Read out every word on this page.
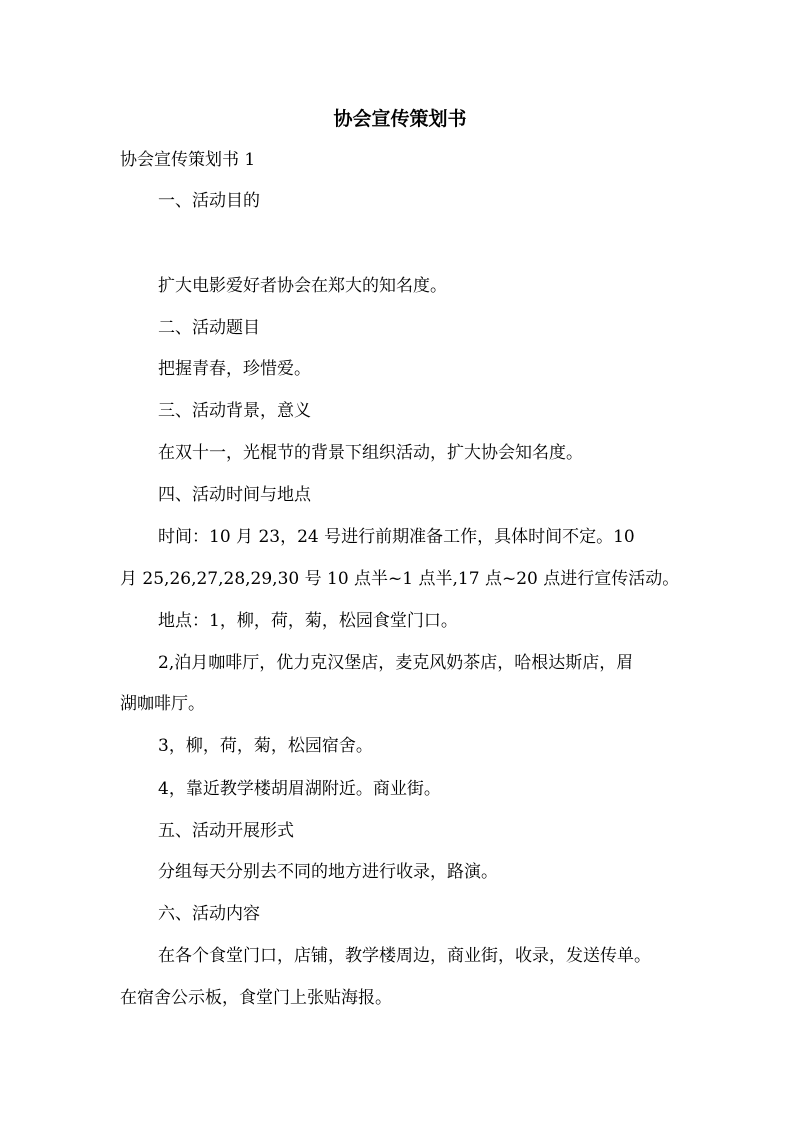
协会宣传策划书
协会宣传策划书 1
一、活动目的
扩大电影爱好者协会在郑大的知名度。
二、活动题目
把握青春，珍惜爱。
三、活动背景，意义
在双十一，光棍节的背景下组织活动，扩大协会知名度。
四、活动时间与地点
时间：10 月 23，24 号进行前期准备工作，具体时间不定。10
月 25,26,27,28,29,30 号 10 点半~1 点半,17 点~20 点进行宣传活动。
地点：1，柳，荷，菊，松园食堂门口。
2,泊月咖啡厅，优力克汉堡店，麦克风奶茶店，哈根达斯店，眉
湖咖啡厅。
3，柳，荷，菊，松园宿舍。
4，靠近教学楼胡眉湖附近。商业街。
五、活动开展形式
分组每天分别去不同的地方进行收录，路演。
六、活动内容
在各个食堂门口，店铺，教学楼周边，商业街，收录，发送传单。
在宿舍公示板，食堂门上张贴海报。
